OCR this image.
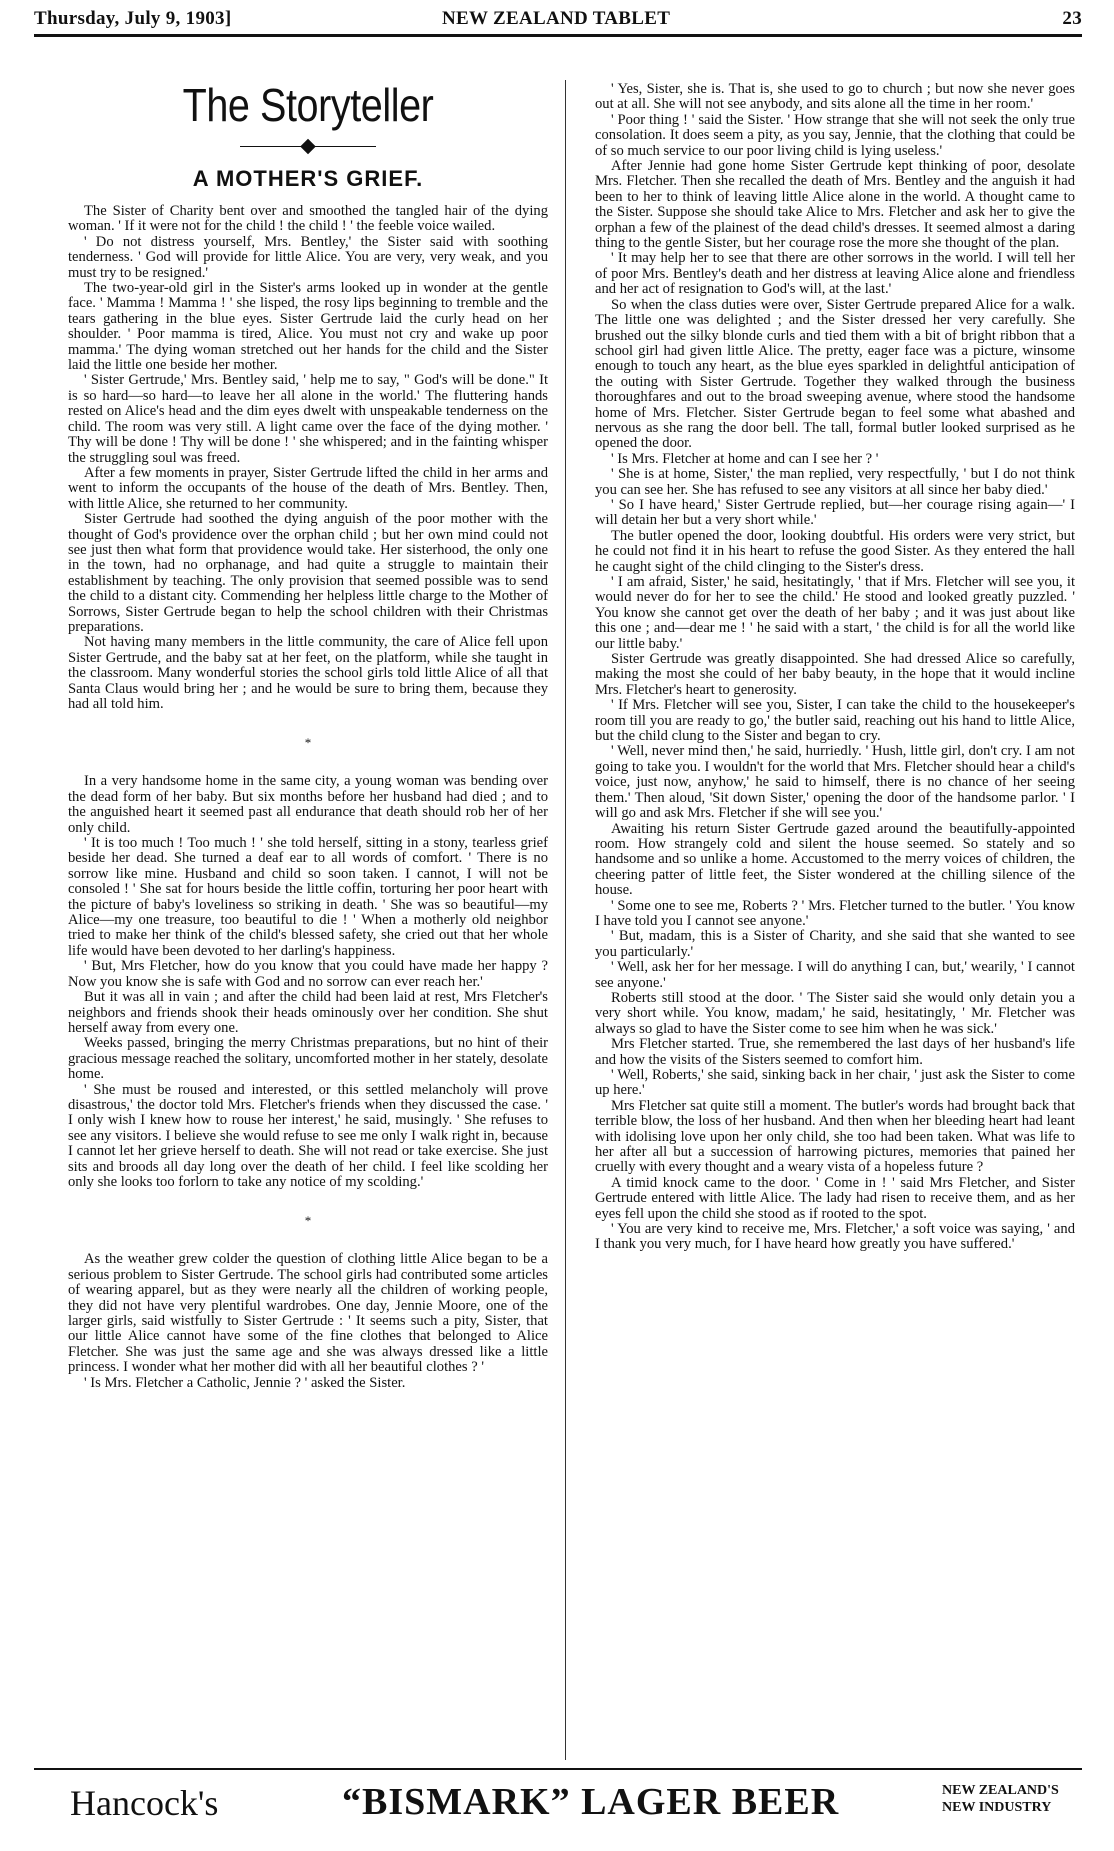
Thursday, July 9, 1903]	NEW ZEALAND TABLET	23
The Storyteller
A MOTHER'S GRIEF.

The Sister of Charity bent over and smoothed the tangled hair of the dying woman. ' If it were not for the child ! the child ! ' the feeble voice wailed.

' Do not distress yourself, Mrs. Bentley,' the Sister said with soothing tenderness. ' God will provide for little Alice. You are very, very weak, and you must try to be resigned.'

The two-year-old girl in the Sister's arms looked up in wonder at the gentle face. ' Mamma ! Mamma ! ' she lisped, the rosy lips beginning to tremble and the tears gathering in the blue eyes. Sister Gertrude laid the curly head on her shoulder. ' Poor mamma is tired, Alice. You must not cry and wake up poor mamma.' The dying woman stretched out her hands for the child and the Sister laid the little one beside her mother.

' Sister Gertrude,' Mrs. Bentley said, ' help me to say, " God's will be done." It is so hard—so hard—to leave her all alone in the world.' The fluttering hands rested on Alice's head and the dim eyes dwelt with unspeakable tenderness on the child. The room was very still. A light came over the face of the dying mother. ' Thy will be done ! Thy will be done ! ' she whispered; and in the fainting whisper the struggling soul was freed.

After a few moments in prayer, Sister Gertrude lifted the child in her arms and went to inform the occupants of the house of the death of Mrs. Bentley. Then, with little Alice, she returned to her community.

Sister Gertrude had soothed the dying anguish of the poor mother with the thought of God's providence over the orphan child ; but her own mind could not see just then what form that providence would take. Her sisterhood, the only one in the town, had no orphanage, and had quite a struggle to maintain their establishment by teaching. The only provision that seemed possible was to send the child to a distant city. Commending her helpless little charge to the Mother of Sorrows, Sister Gertrude began to help the school children with their Christmas preparations.

Not having many members in the little community, the care of Alice fell upon Sister Gertrude, and the baby sat at her feet, on the platform, while she taught in the classroom. Many wonderful stories the school girls told little Alice of all that Santa Claus would bring her ; and he would be sure to bring them, because they had all told him.

*

In a very handsome home in the same city, a young woman was bending over the dead form of her baby. But six months before her husband had died ; and to the anguished heart it seemed past all endurance that death should rob her of her only child.

' It is too much ! Too much ! ' she told herself, sitting in a stony, tearless grief beside her dead. She turned a deaf ear to all words of comfort. ' There is no sorrow like mine. Husband and child so soon taken. I cannot, I will not be consoled ! ' She sat for hours beside the little coffin, torturing her poor heart with the picture of baby's loveliness so striking in death. ' She was so beautiful—my Alice—my one treasure, too beautiful to die ! ' When a motherly old neighbor tried to make her think of the child's blessed safety, she cried out that her whole life would have been devoted to her darling's happiness.

' But, Mrs Fletcher, how do you know that you could have made her happy ? Now you know she is safe with God and no sorrow can ever reach her.'

But it was all in vain ; and after the child had been laid at rest, Mrs Fletcher's neighbors and friends shook their heads ominously over her condition. She shut herself away from every one.

Weeks passed, bringing the merry Christmas preparations, but no hint of their gracious message reached the solitary, uncomforted mother in her stately, desolate home.

' She must be roused and interested, or this settled melancholy will prove disastrous,' the doctor told Mrs. Fletcher's friends when they discussed the case. ' I only wish I knew how to rouse her interest,' he said, musingly. ' She refuses to see any visitors. I believe she would refuse to see me only I walk right in, because I cannot let her grieve herself to death. She will not read or take exercise. She just sits and broods all day long over the death of her child. I feel like scolding her only she looks too forlorn to take any notice of my scolding.'

*

As the weather grew colder the question of clothing little Alice began to be a serious problem to Sister Gertrude. The school girls had contributed some articles of wearing apparel, but as they were nearly all the children of working people, they did not have very plentiful wardrobes. One day, Jennie Moore, one of the larger girls, said wistfully to Sister Gertrude : ' It seems such a pity, Sister, that our little Alice cannot have some of the fine clothes that belonged to Alice Fletcher. She was just the same age and she was always dressed like a little princess. I wonder what her mother did with all her beautiful clothes ? '

' Is Mrs. Fletcher a Catholic, Jennie ? ' asked the Sister.

' Yes, Sister, she is. That is, she used to go to church ; but now she never goes out at all. She will not see anybody, and sits alone all the time in her room.'

' Poor thing ! ' said the Sister. ' How strange that she will not seek the only true consolation. It does seem a pity, as you say, Jennie, that the clothing that could be of so much service to our poor living child is lying useless.'

After Jennie had gone home Sister Gertrude kept thinking of poor, desolate Mrs. Fletcher. Then she recalled the death of Mrs. Bentley and the anguish it had been to her to think of leaving little Alice alone in the world. A thought came to the Sister. Suppose she should take Alice to Mrs. Fletcher and ask her to give the orphan a few of the plainest of the dead child's dresses. It seemed almost a daring thing to the gentle Sister, but her courage rose the more she thought of the plan.

' It may help her to see that there are other sorrows in the world. I will tell her of poor Mrs. Bentley's death and her distress at leaving Alice alone and friendless and her act of resignation to God's will, at the last.'

So when the class duties were over, Sister Gertrude prepared Alice for a walk. The little one was delighted ; and the Sister dressed her very carefully. She brushed out the silky blonde curls and tied them with a bit of bright ribbon that a school girl had given little Alice. The pretty, eager face was a picture, winsome enough to touch any heart, as the blue eyes sparkled in delightful anticipation of the outing with Sister Gertrude. Together they walked through the business thoroughfares and out to the broad sweeping avenue, where stood the handsome home of Mrs. Fletcher. Sister Gertrude began to feel some what abashed and nervous as she rang the door bell. The tall, formal butler looked surprised as he opened the door.

' Is Mrs. Fletcher at home and can I see her ? '

' She is at home, Sister,' the man replied, very respectfully, ' but I do not think you can see her. She has refused to see any visitors at all since her baby died.'

' So I have heard,' Sister Gertrude replied, but—her courage rising again—' I will detain her but a very short while.'

The butler opened the door, looking doubtful. His orders were very strict, but he could not find it in his heart to refuse the good Sister. As they entered the hall he caught sight of the child clinging to the Sister's dress.

' I am afraid, Sister,' he said, hesitatingly, ' that if Mrs. Fletcher will see you, it would never do for her to see the child.' He stood and looked greatly puzzled. ' You know she cannot get over the death of her baby ; and it was just about like this one ; and—dear me ! ' he said with a start, ' the child is for all the world like our little baby.'

Sister Gertrude was greatly disappointed. She had dressed Alice so carefully, making the most she could of her baby beauty, in the hope that it would incline Mrs. Fletcher's heart to generosity.

' If Mrs. Fletcher will see you, Sister, I can take the child to the housekeeper's room till you are ready to go,' the butler said, reaching out his hand to little Alice, but the child clung to the Sister and began to cry.

' Well, never mind then,' he said, hurriedly. ' Hush, little girl, don't cry. I am not going to take you. I wouldn't for the world that Mrs. Fletcher should hear a child's voice, just now, anyhow,' he said to himself, there is no chance of her seeing them.' Then aloud, 'Sit down Sister,' opening the door of the handsome parlor. ' I will go and ask Mrs. Fletcher if she will see you.'

Awaiting his return Sister Gertrude gazed around the beautifully-appointed room. How strangely cold and silent the house seemed. So stately and so handsome and so unlike a home. Accustomed to the merry voices of children, the cheering patter of little feet, the Sister wondered at the chilling silence of the house.

' Some one to see me, Roberts ? ' Mrs. Fletcher turned to the butler. ' You know I have told you I cannot see anyone.'

' But, madam, this is a Sister of Charity, and she said that she wanted to see you particularly.'

' Well, ask her for her message. I will do anything I can, but,' wearily, ' I cannot see anyone.'

Roberts still stood at the door. ' The Sister said she would only detain you a very short while. You know, madam,' he said, hesitatingly, ' Mr. Fletcher was always so glad to have the Sister come to see him when he was sick.'

Mrs Fletcher started. True, she remembered the last days of her husband's life and how the visits of the Sisters seemed to comfort him.

' Well, Roberts,' she said, sinking back in her chair, ' just ask the Sister to come up here.'

Mrs Fletcher sat quite still a moment. The butler's words had brought back that terrible blow, the loss of her husband. And then when her bleeding heart had leant with idolising love upon her only child, she too had been taken. What was life to her after all but a succession of harrowing pictures, memories that pained her cruelly with every thought and a weary vista of a hopeless future ?

A timid knock came to the door. ' Come in ! ' said Mrs Fletcher, and Sister Gertrude entered with little Alice. The lady had risen to receive them, and as her eyes fell upon the child she stood as if rooted to the spot.

' You are very kind to receive me, Mrs. Fletcher,' a soft voice was saying, ' and I thank you very much, for I have heard how greatly you have suffered.'

Hancock's	“BISMARK” LAGER BEER	NEW ZEALAND'S
NEW INDUSTRY
